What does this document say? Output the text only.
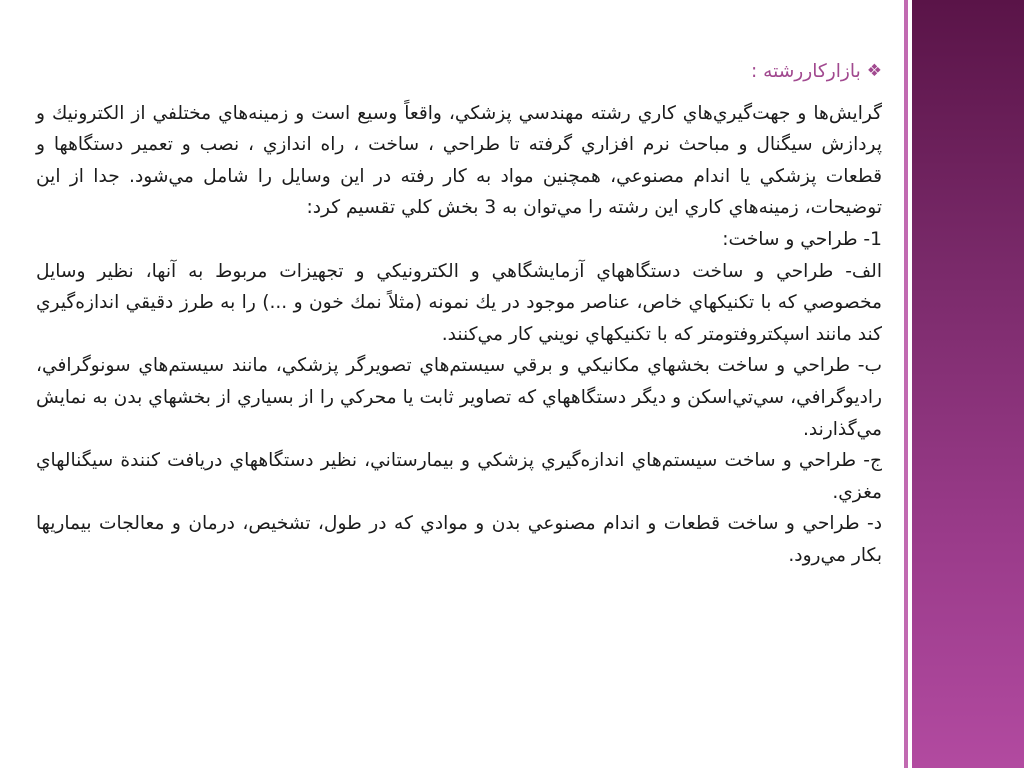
❖
بازاركاررشته :

گرايش‌ها و جهت‌گيري‌هاي كاري رشته مهندسي پزشكي، واقعاً وسيع است و زمينه‌هاي مختلفي از الكترونيك و پردازش سيگنال و مباحث نرم افزاري گرفته تا طراحي ، ساخت ، راه اندازي ، نصب و تعمير دستگاهها و قطعات پزشكي يا اندام مصنوعي، همچنين مواد به كار رفته در اين وسايل را شامل مي‌شود. جدا از اين توضيحات، زمينه‌هاي كاري اين رشته را مي‌توان به 3 بخش كلي تقسيم كرد:

1- طراحي و ساخت:

الف- طراحي و ساخت دستگاههاي آزمايشگاهي و الكترونيكي و تجهيزات مربوط به آنها، نظير وسايل مخصوصي كه با تكنيكهاي خاص، عناصر موجود در يك نمونه (مثلاً نمك خون و ...) را به طرز دقيقي اندازه‌گيري كند مانند اسپكتروفتومتر كه با تكنيكهاي نويني كار مي‌كنند.

ب- طراحي و ساخت بخشهاي مكانيكي و برقي سيستم‌هاي تصويرگر پزشكي، مانند سيستم‌هاي سونوگرافي، راديوگرافي، سي‌تي‌اسكن و ديگر دستگاههاي كه تصاوير ثابت يا محركي را از بسياري از بخشهاي بدن به نمايش مي‌گذارند.

ج- طراحي و ساخت سيستم‌هاي اندازه‌گيري پزشكي و بيمارستاني، نظير دستگاههاي دريافت كنندة سيگنالهاي مغزي.

د- طراحي و ساخت قطعات و اندام مصنوعي بدن و موادي كه در طول، تشخيص، درمان و معالجات بيماريها بكار مي‌رود.
